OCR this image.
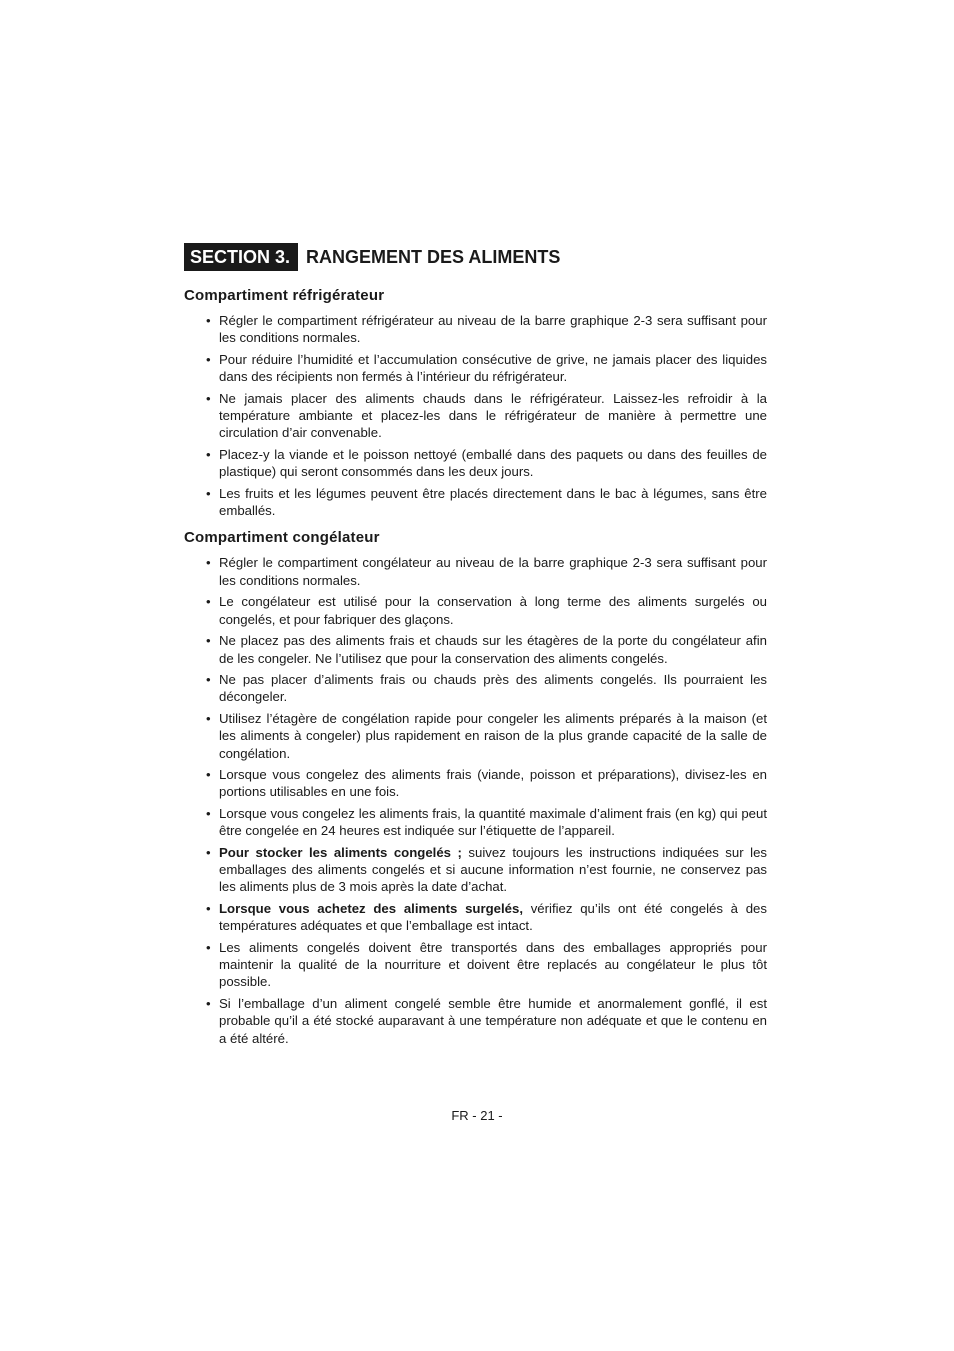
SECTION 3. RANGEMENT DES ALIMENTS
Compartiment réfrigérateur
• Régler le compartiment réfrigérateur au niveau de la barre graphique 2-3 sera suffisant pour les conditions normales.
• Pour réduire l’humidité et l’accumulation consécutive de grive, ne jamais placer des liquides dans des récipients non fermés à l’intérieur du réfrigérateur.
• Ne jamais placer des aliments chauds dans le réfrigérateur. Laissez-les refroidir à la température ambiante et placez-les dans le réfrigérateur de manière à permettre une circulation d’air convenable.
• Placez-y la viande et le poisson nettoyé (emballé dans des paquets ou dans des feuilles de plastique) qui seront consommés dans les deux jours.
• Les fruits et les légumes peuvent être placés directement dans le bac à légumes, sans être emballés.
Compartiment congélateur
• Régler le compartiment congélateur au niveau de la barre graphique 2-3 sera suffisant pour les conditions normales.
• Le congélateur est utilisé pour la conservation à long terme des aliments surgelés ou congelés, et pour fabriquer des glaçons.
• Ne placez pas des aliments frais et chauds sur les étagères de la porte du congélateur afin de les congeler. Ne l’utilisez que pour la conservation des aliments congelés.
• Ne pas placer d’aliments frais ou chauds près des aliments congelés. Ils pourraient les décongeler.
• Utilisez l’étagère de congélation rapide pour congeler les aliments préparés à la maison (et les aliments à congeler) plus rapidement en raison de la plus grande capacité de la salle de congélation.
• Lorsque vous congelez des aliments frais (viande, poisson et préparations), divisez-les en portions utilisables en une fois.
• Lorsque vous congelez les aliments frais, la quantité maximale d’aliment frais (en kg) qui peut être congelée en 24 heures est indiquée sur l’étiquette de l’appareil.
• Pour stocker les aliments congelés ; suivez toujours les instructions indiquées sur les emballages des aliments congelés et si aucune information n’est fournie, ne conservez pas les aliments plus de 3 mois après la date d’achat.
• Lorsque vous achetez des aliments surgelés, vérifiez qu’ils ont été congelés à des températures adéquates et que l’emballage est intact.
• Les aliments congelés doivent être transportés dans des emballages appropriés pour maintenir la qualité de la nourriture et doivent être replacés au congélateur le plus tôt possible.
• Si l’emballage d’un aliment congelé semble être humide et anormalement gonflé, il est probable qu’il a été stocké auparavant à une température non adéquate et que le contenu en a été altéré.
FR - 21 -
